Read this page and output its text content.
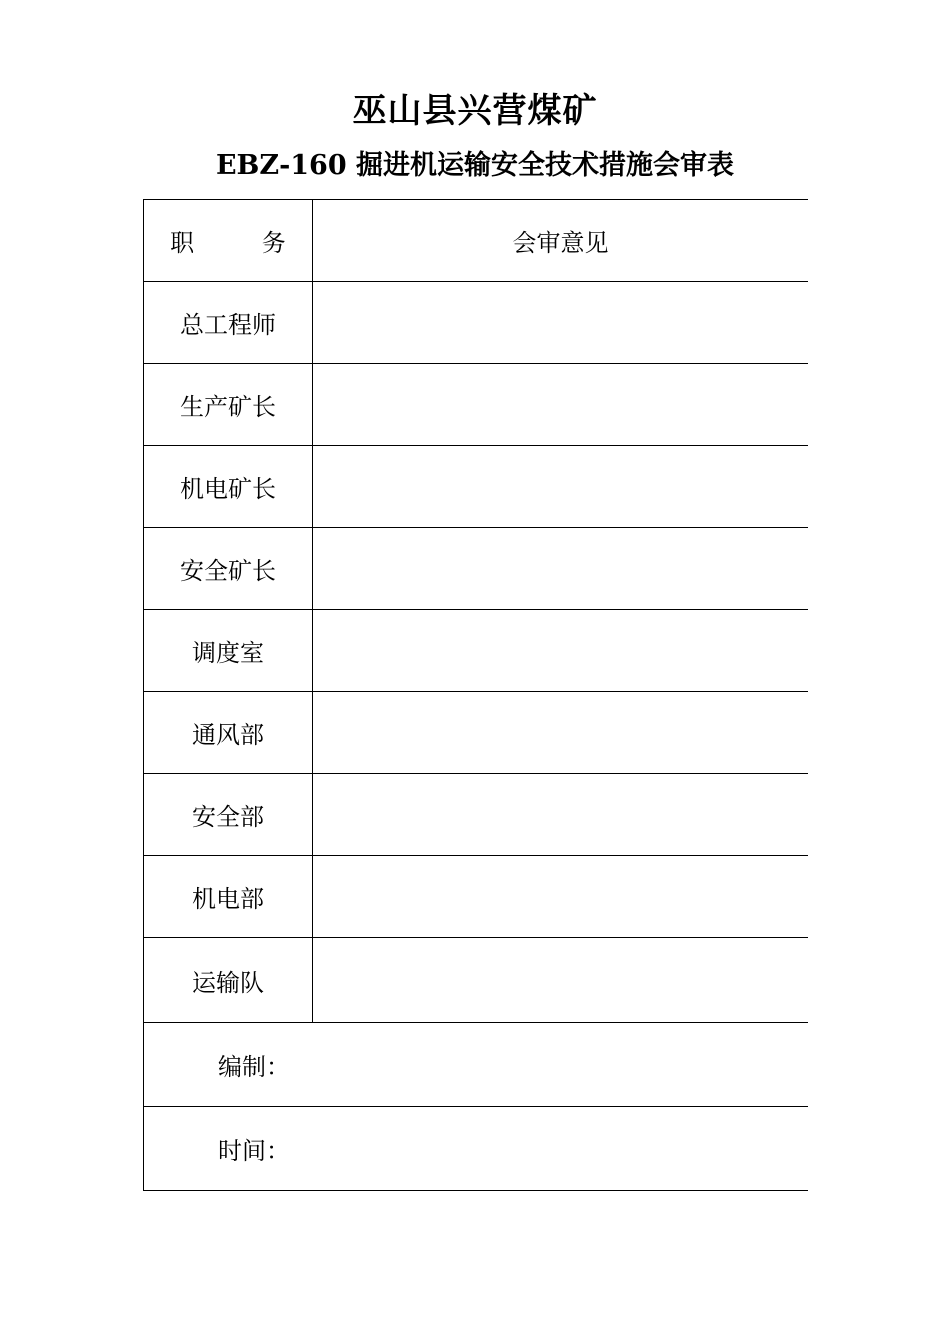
巫山县兴营煤矿
EBZ-160 掘进机运输安全技术措施会审表
职 务	会审意见
总工程师	
生产矿长	
机电矿长	
安全矿长	
调度室	
通风部	
安全部	
机电部	
运输队	
编制：	
时间：	
